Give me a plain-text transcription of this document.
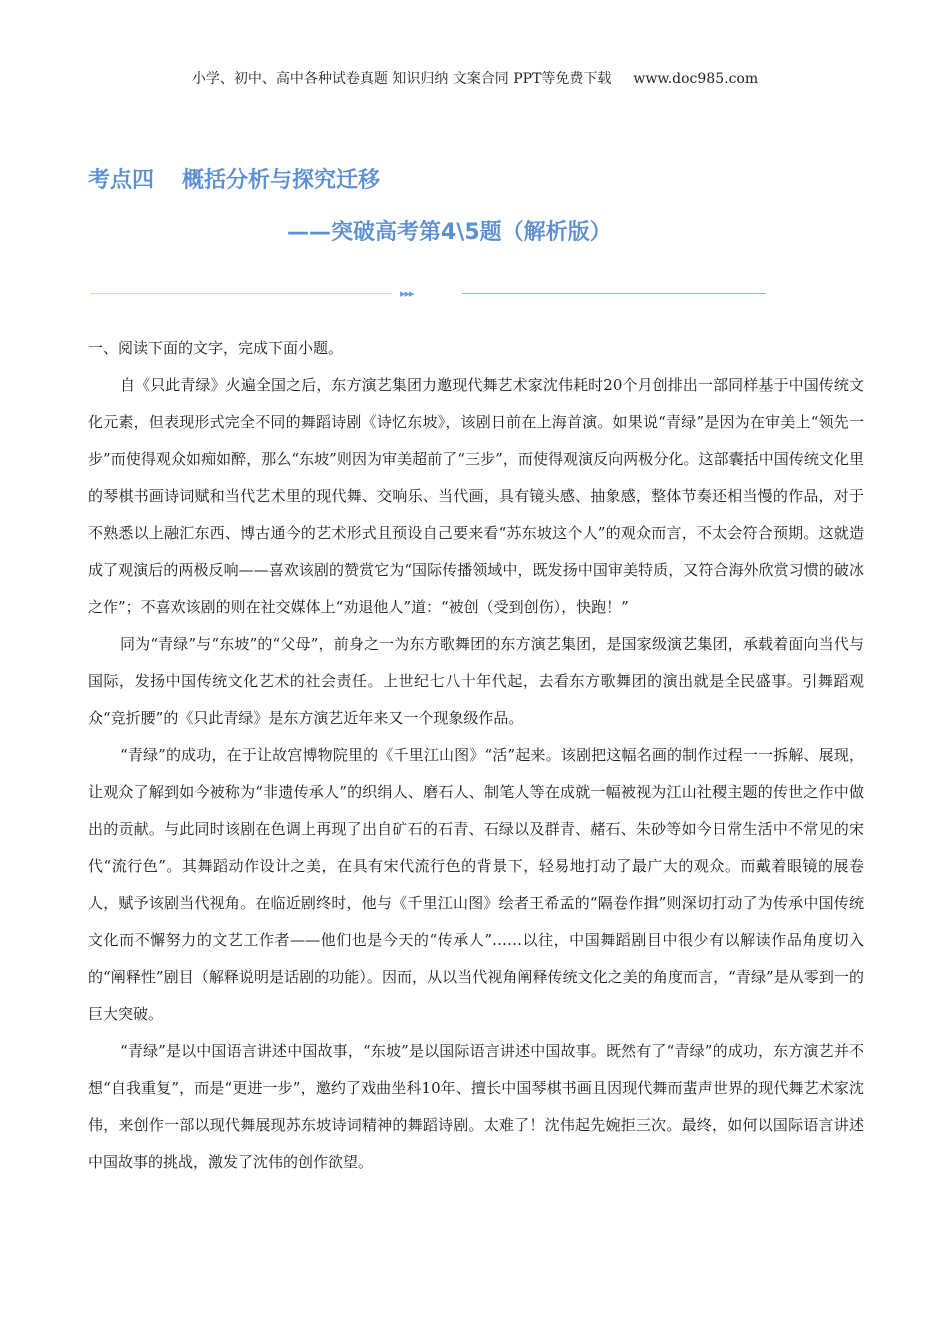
小学、初中、高中各种试卷真题 知识归纳 文案合同 PPT等免费下载 www.doc985.com
考点四 概括分析与探究迁移
——突破高考第4\5题（解析版）
▸▸▸

一、阅读下面的文字，完成下面小题。

自《只此青绿》火遍全国之后，东方演艺集团力邀现代舞艺术家沈伟耗时20个月创排出一部同样基于中国传统文化元素，但表现形式完全不同的舞蹈诗剧《诗忆东坡》，该剧日前在上海首演。如果说“青绿”是因为在审美上“领先一步”而使得观众如痴如醉，那么“东坡”则因为审美超前了“三步”，而使得观演反向两极分化。这部囊括中国传统文化里的琴棋书画诗词赋和当代艺术里的现代舞、交响乐、当代画，具有镜头感、抽象感，整体节奏还相当慢的作品，对于不熟悉以上融汇东西、博古通今的艺术形式且预设自己要来看“苏东坡这个人”的观众而言，不太会符合预期。这就造成了观演后的两极反响——喜欢该剧的赞赏它为“国际传播领域中，既发扬中国审美特质，又符合海外欣赏习惯的破冰之作”；不喜欢该剧的则在社交媒体上“劝退他人”道：“被创（受到创伤），快跑！”

同为“青绿”与“东坡”的“父母”，前身之一为东方歌舞团的东方演艺集团，是国家级演艺集团，承载着面向当代与国际，发扬中国传统文化艺术的社会责任。上世纪七八十年代起，去看东方歌舞团的演出就是全民盛事。引舞蹈观众“竞折腰”的《只此青绿》是东方演艺近年来又一个现象级作品。

“青绿”的成功，在于让故宫博物院里的《千里江山图》“活”起来。该剧把这幅名画的制作过程一一拆解、展现，让观众了解到如今被称为“非遗传承人”的织绢人、磨石人、制笔人等在成就一幅被视为江山社稷主题的传世之作中做出的贡献。与此同时该剧在色调上再现了出自矿石的石青、石绿以及群青、赭石、朱砂等如今日常生活中不常见的宋代“流行色”。其舞蹈动作设计之美，在具有宋代流行色的背景下，轻易地打动了最广大的观众。而戴着眼镜的展卷人，赋予该剧当代视角。在临近剧终时，他与《千里江山图》绘者王希孟的“隔卷作揖”则深切打动了为传承中国传统文化而不懈努力的文艺工作者——他们也是今天的“传承人”……以往，中国舞蹈剧目中很少有以解读作品角度切入的“阐释性”剧目（解释说明是话剧的功能）。因而，从以当代视角阐释传统文化之美的角度而言，“青绿”是从零到一的巨大突破。

“青绿”是以中国语言讲述中国故事，“东坡”是以国际语言讲述中国故事。既然有了“青绿”的成功，东方演艺并不想“自我重复”，而是“更进一步”，邀约了戏曲坐科10年、擅长中国琴棋书画且因现代舞而蜚声世界的现代舞艺术家沈伟，来创作一部以现代舞展现苏东坡诗词精神的舞蹈诗剧。太难了！沈伟起先婉拒三次。最终，如何以国际语言讲述中国故事的挑战，激发了沈伟的创作欲望。
